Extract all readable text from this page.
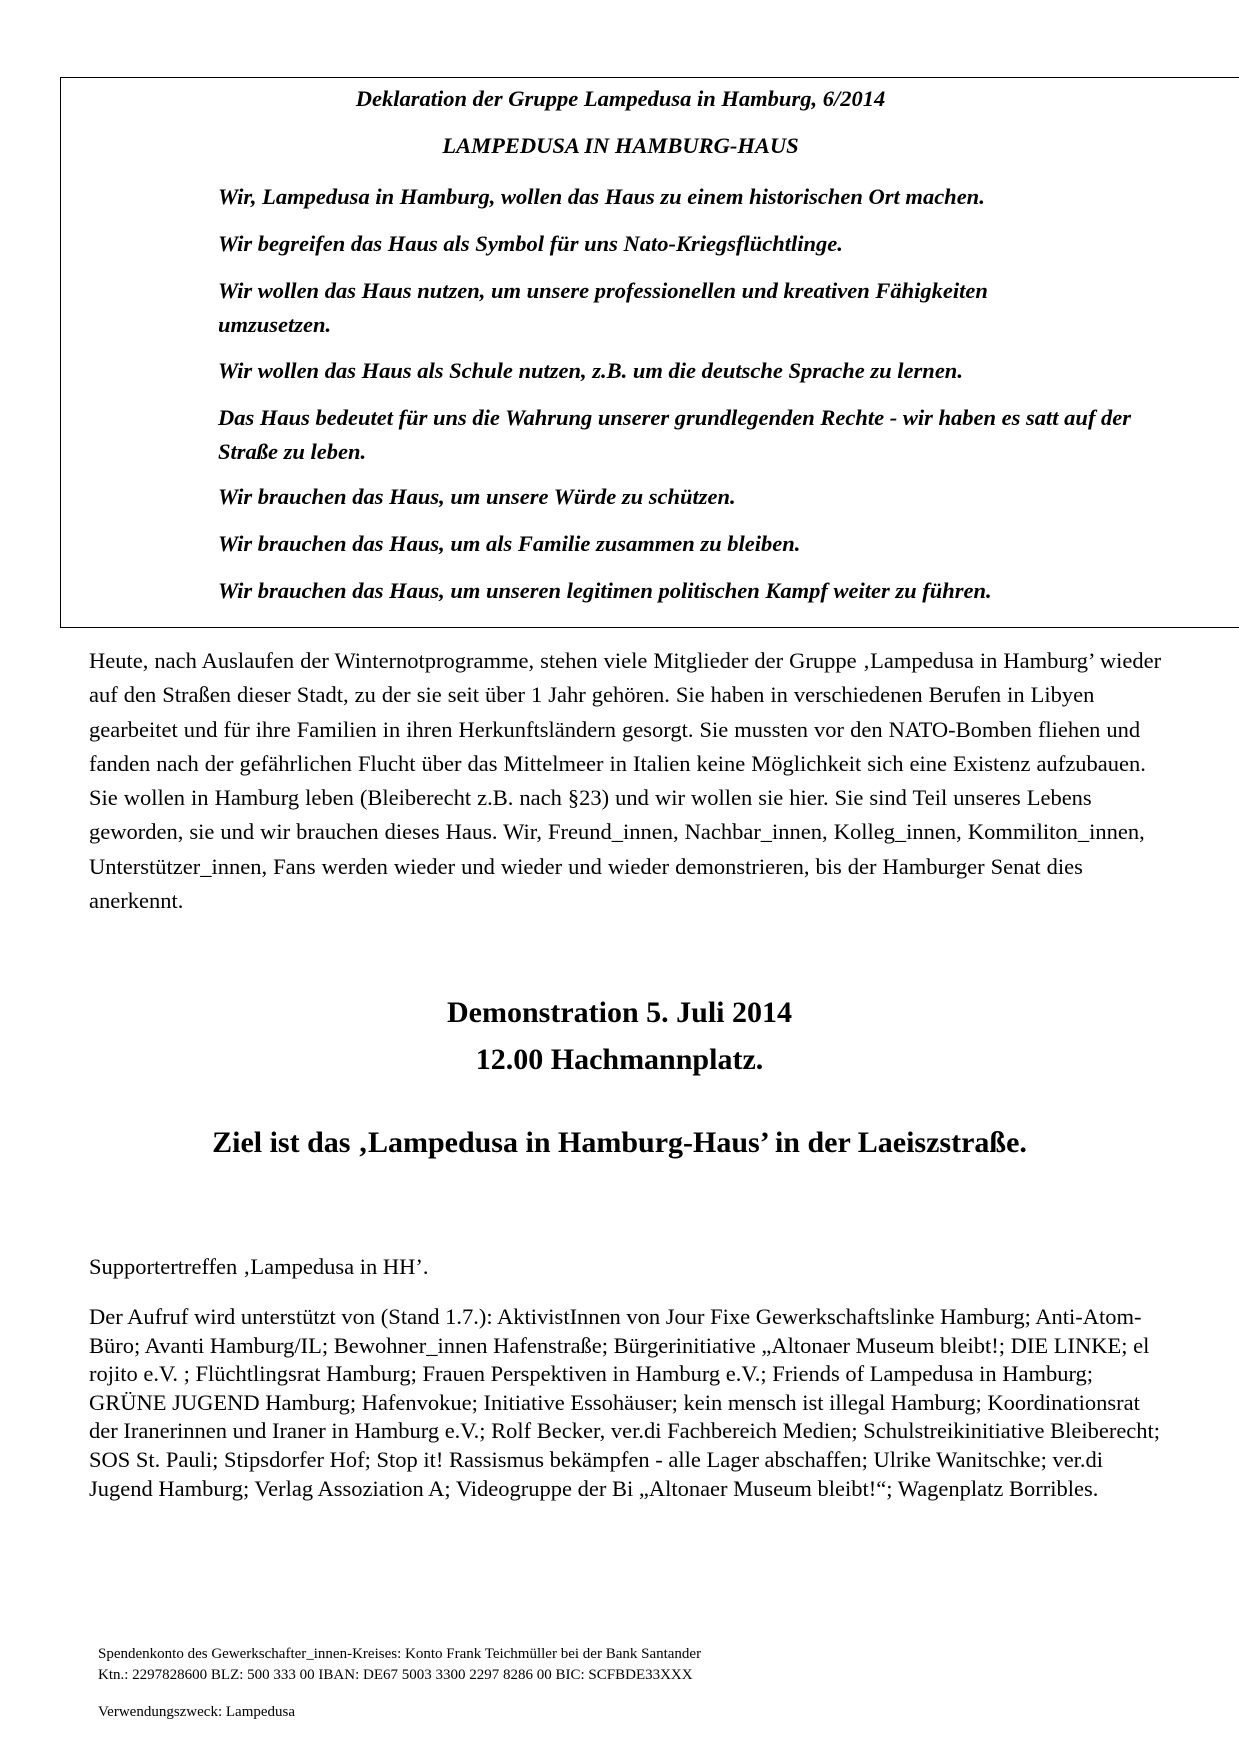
Deklaration der Gruppe Lampedusa in Hamburg, 6/2014

LAMPEDUSA IN HAMBURG-HAUS

Wir, Lampedusa in Hamburg, wollen das Haus zu einem historischen Ort machen.

Wir begreifen das Haus als Symbol für uns Nato-Kriegsflüchtlinge.

Wir wollen das Haus nutzen, um unsere professionellen und kreativen Fähigkeiten umzusetzen.

Wir wollen das Haus als Schule nutzen, z.B. um die deutsche Sprache zu lernen.

Das Haus bedeutet für uns die Wahrung unserer grundlegenden Rechte - wir haben es satt auf der Straße zu leben.

Wir brauchen das Haus, um unsere Würde zu schützen.

Wir brauchen das Haus, um als Familie zusammen zu bleiben.

Wir brauchen das Haus, um unseren legitimen politischen Kampf weiter zu führen.

Heute, nach Auslaufen der Winternotprogramme, stehen viele Mitglieder der Gruppe ‚Lampedusa in Hamburg’ wieder auf den Straßen dieser Stadt, zu der sie seit über 1 Jahr gehören. Sie haben in verschiedenen Berufen in Libyen gearbeitet und für ihre Familien in ihren Herkunftsländern gesorgt. Sie mussten vor den NATO-Bomben fliehen und fanden nach der gefährlichen Flucht über das Mittelmeer in Italien keine Möglichkeit sich eine Existenz aufzubauen. Sie wollen in Hamburg leben (Bleiberecht z.B. nach §23) und wir wollen sie hier. Sie sind Teil unseres Lebens geworden, sie und wir brauchen dieses Haus. Wir, Freund_innen, Nachbar_innen, Kolleg_innen, Kommiliton_innen, Unterstützer_innen, Fans werden wieder und wieder und wieder demonstrieren, bis der Hamburger Senat dies anerkennt.

Demonstration 5. Juli 2014

12.00 Hachmannplatz.

Ziel ist das ‚Lampedusa in Hamburg-Haus’ in der Laeiszstraße.

Supportertreffen ‚Lampedusa in HH’.

Der Aufruf wird unterstützt von (Stand 1.7.): AktivistInnen von Jour Fixe Gewerkschaftslinke Hamburg; Anti-Atom-Büro; Avanti Hamburg/IL; Bewohner_innen Hafenstraße; Bürgerinitiative „Altonaer Museum bleibt!; DIE LINKE; el rojito e.V. ; Flüchtlingsrat Hamburg; Frauen Perspektiven in Hamburg e.V.; Friends of Lampedusa in Hamburg; GRÜNE JUGEND Hamburg; Hafenvokue; Initiative Essohäuser; kein mensch ist illegal Hamburg; Koordinationsrat der Iranerinnen und Iraner in Hamburg e.V.; Rolf Becker, ver.di Fachbereich Medien; Schulstreikinitiative Bleiberecht; SOS St. Pauli; Stipsdorfer Hof; Stop it! Rassismus bekämpfen - alle Lager abschaffen; Ulrike Wanitschke; ver.di Jugend Hamburg; Verlag Assoziation A; Videogruppe der Bi „Altonaer Museum bleibt!“; Wagenplatz Borribles.

Spendenkonto des Gewerkschafter_innen-Kreises: Konto Frank Teichmüller bei der Bank Santander

Ktn.: 2297828600 BLZ: 500 333 00 IBAN: DE67 5003 3300 2297 8286 00 BIC: SCFBDE33XXX

Verwendungszweck: Lampedusa
